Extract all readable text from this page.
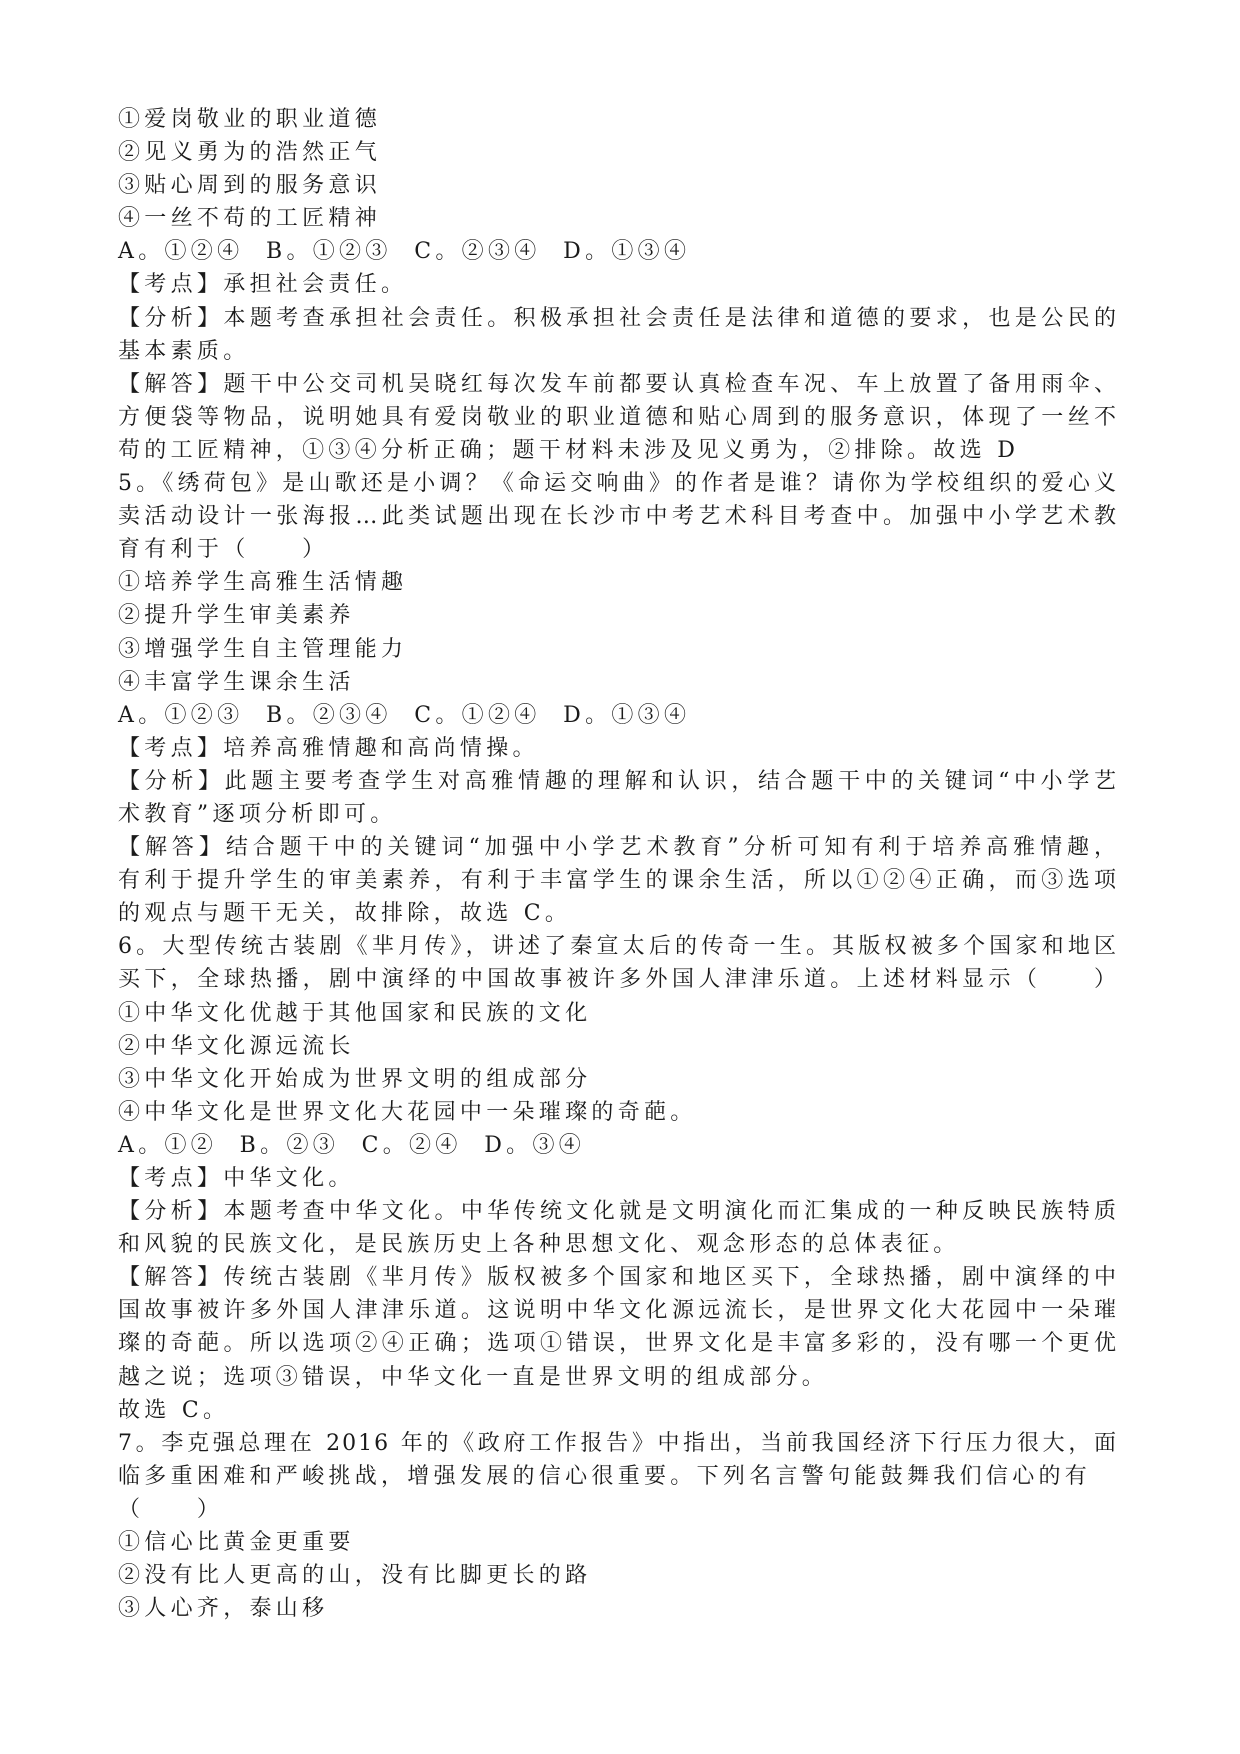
①爱岗敬业的职业道德
②见义勇为的浩然正气
③贴心周到的服务意识
④一丝不苟的工匠精神
A。①②④  B。①②③  C。②③④  D。①③④
【考点】承担社会责任。
【分析】本题考查承担社会责任。积极承担社会责任是法律和道德的要求，也是公民的
基本素质。
【解答】题干中公交司机吴晓红每次发车前都要认真检查车况、车上放置了备用雨伞、
方便袋等物品，说明她具有爱岗敬业的职业道德和贴心周到的服务意识，体现了一丝不
苟的工匠精神，①③④分析正确；题干材料未涉及见义勇为，②排除。故选 D
5。《绣荷包》是山歌还是小调？《命运交响曲》的作者是谁？请你为学校组织的爱心义
卖活动设计一张海报…此类试题出现在长沙市中考艺术科目考查中。加强中小学艺术教
育有利于（　　）
①培养学生高雅生活情趣
②提升学生审美素养
③增强学生自主管理能力
④丰富学生课余生活
A。①②③  B。②③④  C。①②④  D。①③④
【考点】培养高雅情趣和高尚情操。
【分析】此题主要考查学生对高雅情趣的理解和认识，结合题干中的关键词“中小学艺
术教育”逐项分析即可。
【解答】结合题干中的关键词“加强中小学艺术教育”分析可知有利于培养高雅情趣，
有利于提升学生的审美素养，有利于丰富学生的课余生活，所以①②④正确，而③选项
的观点与题干无关，故排除，故选 C。
6。大型传统古装剧《芈月传》，讲述了秦宣太后的传奇一生。其版权被多个国家和地区
买下，全球热播，剧中演绎的中国故事被许多外国人津津乐道。上述材料显示（　　）
①中华文化优越于其他国家和民族的文化
②中华文化源远流长
③中华文化开始成为世界文明的组成部分
④中华文化是世界文化大花园中一朵璀璨的奇葩。
A。①②  B。②③  C。②④  D。③④
【考点】中华文化。
【分析】本题考查中华文化。中华传统文化就是文明演化而汇集成的一种反映民族特质
和风貌的民族文化，是民族历史上各种思想文化、观念形态的总体表征。
【解答】传统古装剧《芈月传》版权被多个国家和地区买下，全球热播，剧中演绎的中
国故事被许多外国人津津乐道。这说明中华文化源远流长，是世界文化大花园中一朵璀
璨的奇葩。所以选项②④正确；选项①错误，世界文化是丰富多彩的，没有哪一个更优
越之说；选项③错误，中华文化一直是世界文明的组成部分。
故选 C。
7。李克强总理在 2016 年的《政府工作报告》中指出，当前我国经济下行压力很大，面
临多重困难和严峻挑战，增强发展的信心很重要。下列名言警句能鼓舞我们信心的有
（　　）
①信心比黄金更重要
②没有比人更高的山，没有比脚更长的路
③人心齐，泰山移
